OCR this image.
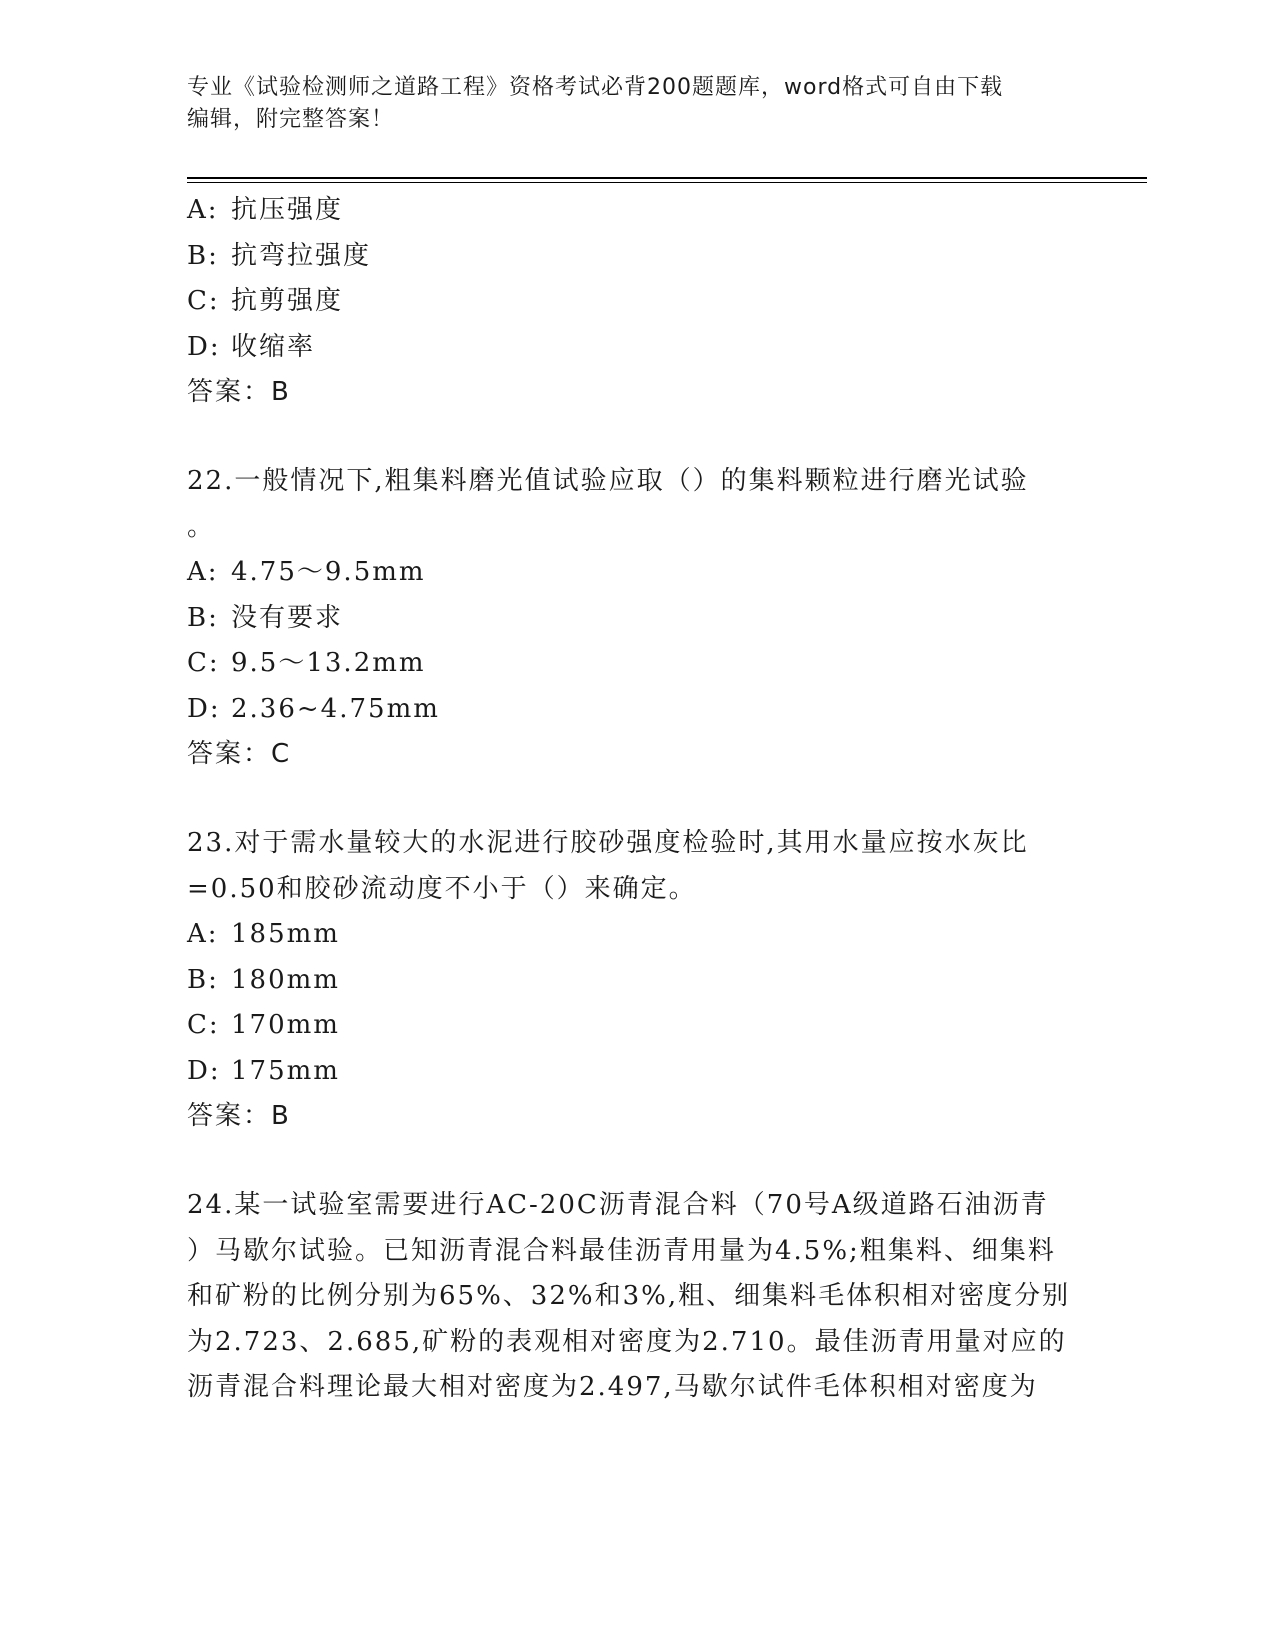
专业《试验检测师之道路工程》资格考试必背200题题库，word格式可自由下载
编辑，附完整答案！
A: 抗压强度
B: 抗弯拉强度
C: 抗剪强度
D: 收缩率
答案：B
22.一般情况下,粗集料磨光值试验应取（）的集料颗粒进行磨光试验
。
A: 4.75～9.5mm
B: 没有要求
C: 9.5～13.2mm
D: 2.36~4.75mm
答案：C
23.对于需水量较大的水泥进行胶砂强度检验时,其用水量应按水灰比
=0.50和胶砂流动度不小于（）来确定。
A: 185mm
B: 180mm
C: 170mm
D: 175mm
答案：B
24.某一试验室需要进行AC-20C沥青混合料（70号A级道路石油沥青
）马歇尔试验。已知沥青混合料最佳沥青用量为4.5%;粗集料、细集料
和矿粉的比例分别为65%、32%和3%,粗、细集料毛体积相对密度分别
为2.723、2.685,矿粉的表观相对密度为2.710。最佳沥青用量对应的
沥青混合料理论最大相对密度为2.497,马歇尔试件毛体积相对密度为
